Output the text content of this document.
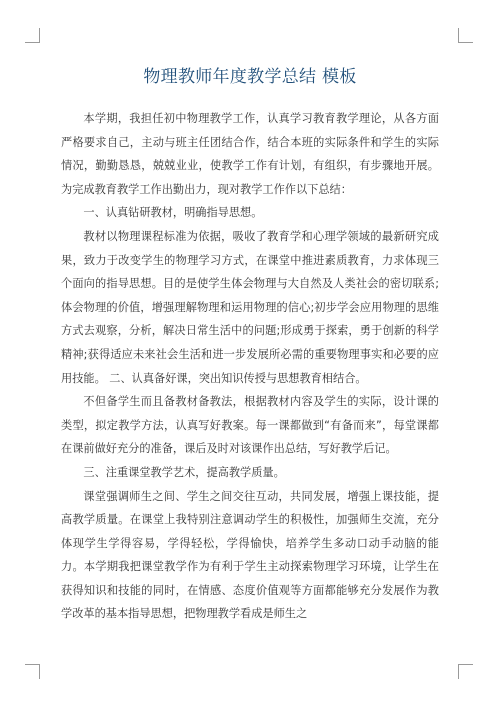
物理教师年度教学总结 模板

本学期，我担任初中物理教学工作，认真学习教育教学理论，从各方面严格要求自己，主动与班主任团结合作，结合本班的实际条件和学生的实际情况，勤勤恳恳，兢兢业业，使教学工作有计划，有组织，有步骤地开展。为完成教育教学工作出勤出力，现对教学工作作以下总结：

一、认真钻研教材，明确指导思想。

教材以物理课程标准为依据，吸收了教育学和心理学领域的最新研究成果，致力于改变学生的物理学习方式，在课堂中推进素质教育，力求体现三个面向的指导思想。目的是使学生体会物理与大自然及人类社会的密切联系;体会物理的价值，增强理解物理和运用物理的信心;初步学会应用物理的思维方式去观察，分析，解决日常生活中的问题;形成勇于探索，勇于创新的科学精神;获得适应未来社会生活和进一步发展所必需的重要物理事实和必要的应用技能。 二、认真备好课，突出知识传授与思想教育相结合。

不但备学生而且备教材备教法，根据教材内容及学生的实际，设计课的类型，拟定教学方法，认真写好教案。每一课都做到“有备而来”，每堂课都在课前做好充分的准备，课后及时对该课作出总结，写好教学后记。

三、注重课堂教学艺术，提高教学质量。

课堂强调师生之间、学生之间交往互动，共同发展，增强上课技能，提高教学质量。在课堂上我特别注意调动学生的积极性，加强师生交流，充分体现学生学得容易，学得轻松，学得愉快，培养学生多动口动手动脑的能力。本学期我把课堂教学作为有利于学生主动探索物理学习环境，让学生在获得知识和技能的同时，在情感、态度价值观等方面都能够充分发展作为教学改革的基本指导思想，把物理教学看成是师生之
